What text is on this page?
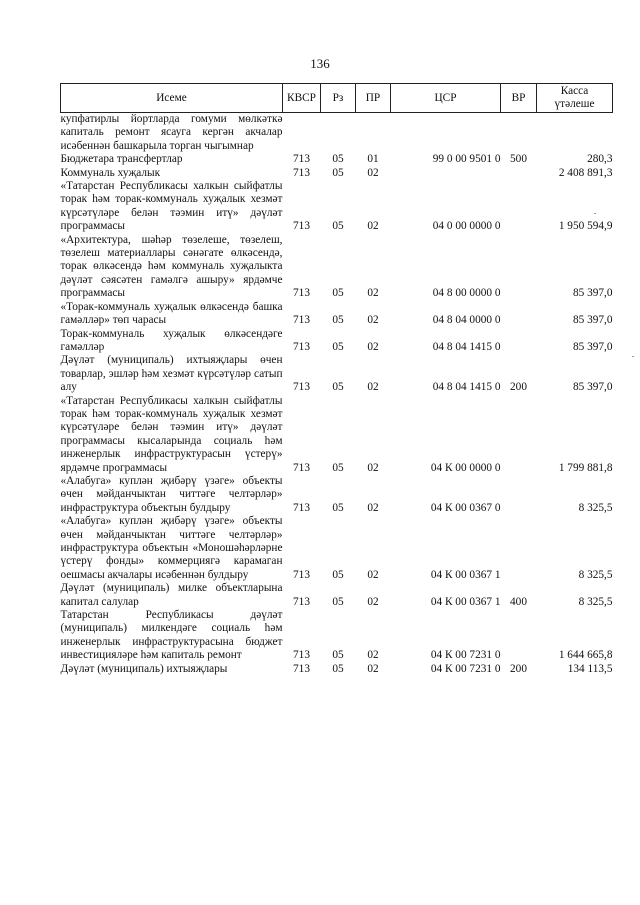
136
Исеме	КВСР	Рз	ПР	ЦСР	ВР	Касса
үтәлеше
купфатирлы йортларда гомуми мөлкәткә капиталь ремонт ясауга кергән акчалар исәбеннән башкарыла торган чыгымнар						
Бюджетара трансфертлар	713	05	01	99 0 00 9501 0	500	280,3
Коммуналь хуҗалык	713	05	02			2 408 891,3
«Татарстан Республикасы халкын сыйфатлы торак һәм торак-коммуналь хуҗалык хезмәт күрсәтүләре белән тәэмин итү» дәүләт программасы	713	05	02	04 0 00 0000 0		1 950 594,9
«Архитектура, шәһәр төзелеше, төзелеш, төзелеш материаллары сәнәгате өлкәсендә, торак өлкәсендә һәм коммуналь хуҗалыкта дәүләт сәясәтен гамәлгә ашыру» ярдәмче программасы	713	05	02	04 8 00 0000 0		85 397,0
«Торак-коммуналь хуҗалык өлкәсендә башка гамәлләр» төп чарасы	713	05	02	04 8 04 0000 0		85 397,0
Торак-коммуналь хуҗалык өлкәсендәге гамәлләр	713	05	02	04 8 04 1415 0		85 397,0
Дәүләт (муниципаль) ихтыяҗлары өчен товарлар, эшләр һәм хезмәт күрсәтүләр сатып алу	713	05	02	04 8 04 1415 0	200	85 397,0
«Татарстан Республикасы халкын сыйфатлы торак һәм торак-коммуналь хуҗалык хезмәт күрсәтүләре белән тәэмин итү» дәүләт программасы кысаларында социаль һәм инженерлык инфраструктурасын үстерү» ярдәмче программасы	713	05	02	04 К 00 0000 0		1 799 881,8
«Алабуга» куплән җибәрү үзәге» объекты өчен мәйданчыктан читтәге челтәрләр» инфраструктура объектын булдыру	713	05	02	04 К 00 0367 0		8 325,5
«Алабуга» куплән җибәрү үзәге» объекты өчен мәйданчыктан читтәге челтәрләр» инфраструктура объектын «Моношәһәрләрне үстерү фонды» коммерциягә карамаган оешмасы акчалары исәбеннән булдыру	713	05	02	04 К 00 0367 1		8 325,5
Дәүләт (муниципаль) милке объектларына капитал салулар	713	05	02	04 К 00 0367 1	400	8 325,5
Татарстан Республикасы дәүләт (муниципаль) милкендәге социаль һәм инженерлык инфраструктурасына бюджет инвестицияләре һәм капиталь ремонт	713	05	02	04 К 00 7231 0		1 644 665,8
Дәүләт (муниципаль) ихтыяҗлары	713	05	02	04 К 00 7231 0	200	134 113,5
